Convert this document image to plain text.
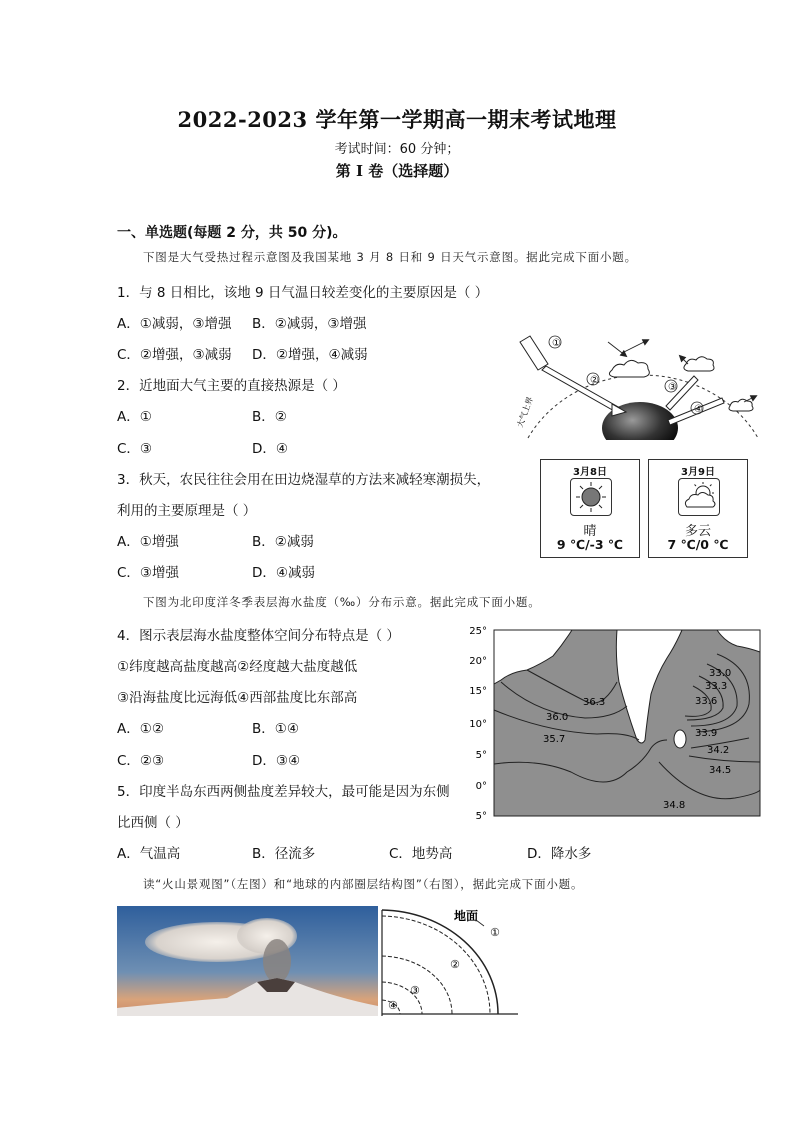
2022-2023 学年第一学期高一期末考试地理
考试时间：60 分钟；
第 I 卷（选择题）
一、单选题(每题 2 分，共 50 分)。
下图是大气受热过程示意图及我国某地 3 月 8 日和 9 日天气示意图。据此完成下面小题。
1．与 8 日相比，该地 9 日气温日较差变化的主要原因是（ ）
A．①减弱，③增强 B．②减弱，③增强
C．②增强，③减弱 D．②增强，④减弱
2．近地面大气主要的直接热源是（ ）
A．①	B．②
C．③	D．④
3．秋天，农民往往会用在田边烧湿草的方法来减轻寒潮损失，
利用的主要原理是（ ）
A．①增强	B．②减弱
C．③增强	D．④减弱
下图为北印度洋冬季表层海水盐度（‰）分布示意。据此完成下面小题。
4．图示表层海水盐度整体空间分布特点是（ ）
①纬度越高盐度越高②经度越大盐度越低
③沿海盐度比远海低④西部盐度比东部高
A．①②	B．①④
C．②③	D．③④
5．印度半岛东西两侧盐度差异较大，最可能是因为东侧
比西侧（ ）
A．气温高	B．径流多	C．地势高	D．降水多
读“火山景观图”（左图）和“地球的内部圈层结构图”（右图），据此完成下面小题。
大气上界
①
②
③
④
3月8日
晴
9 ℃/-3 ℃
3月9日
多云
7 ℃/0 ℃
25°
20°
15°
10°
5°
0°
5°
36.3
36.0
35.7
33.0
33.3
33.6
33.9
34.2
34.5
34.8
地面
①
②
③
④
